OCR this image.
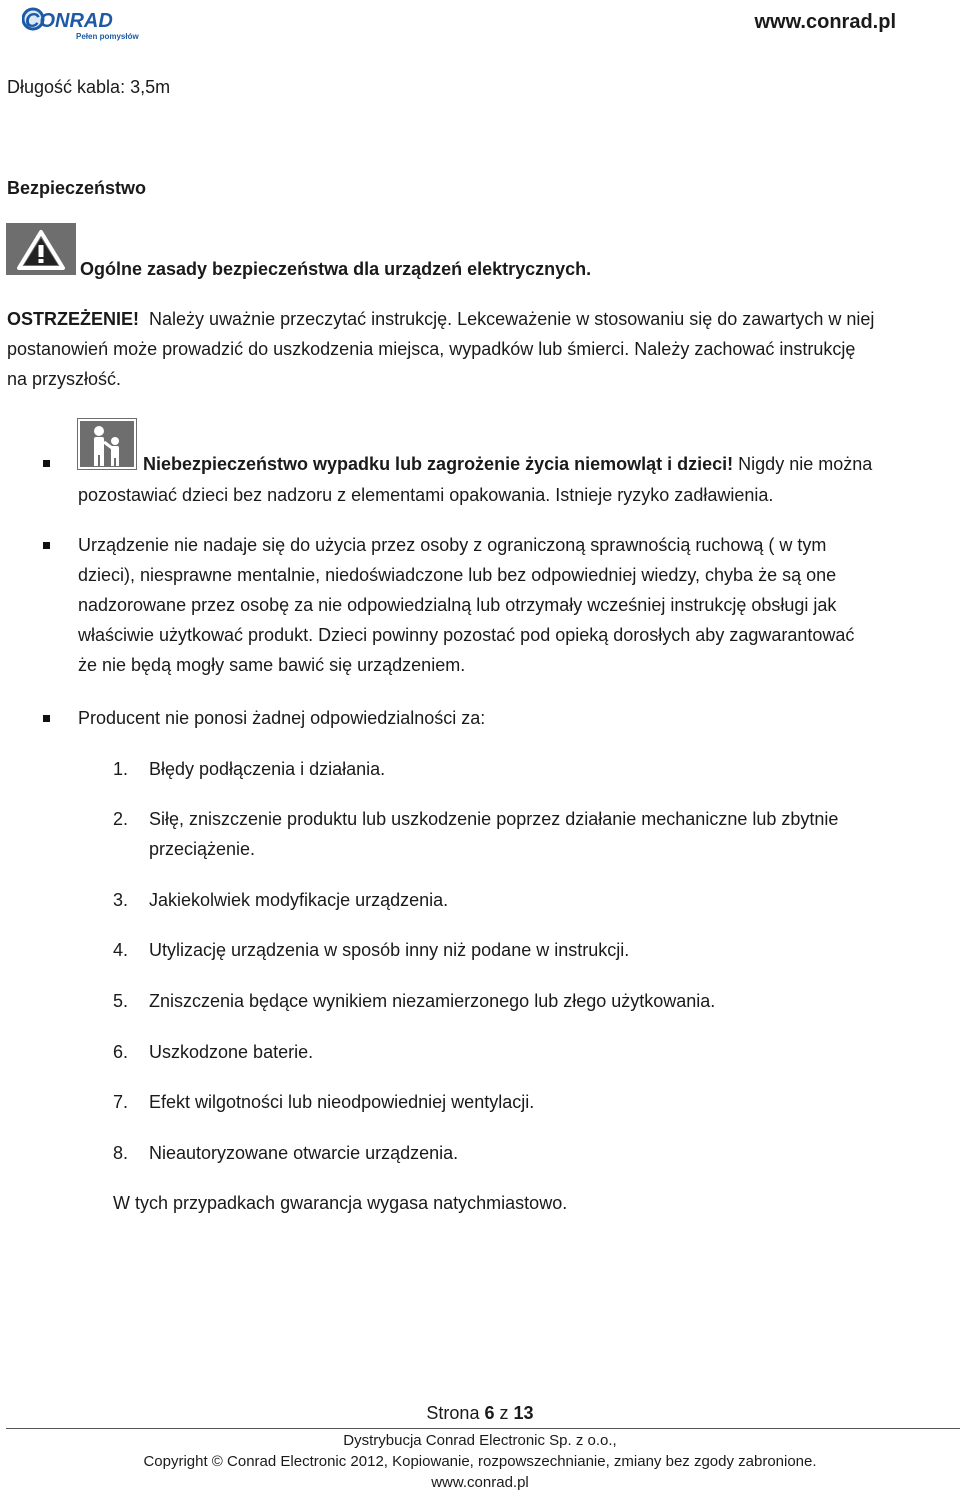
CONRAD
Pełen pomysłów
www.conrad.pl
Długość kabla: 3,5m
Bezpieczeństwo
Ogólne zasady bezpieczeństwa dla urządzeń elektrycznych.
OSTRZEŻENIE! Należy uważnie przeczytać instrukcję. Lekceważenie w stosowaniu się do zawartych w niej
postanowień może prowadzić do uszkodzenia miejsca, wypadków lub śmierci. Należy zachować instrukcję
na przyszłość.
Niebezpieczeństwo wypadku lub zagrożenie życia niemowląt i dzieci! Nigdy nie można
pozostawiać dzieci bez nadzoru z elementami opakowania. Istnieje ryzyko zadławienia.
Urządzenie nie nadaje się do użycia przez osoby z ograniczoną sprawnością ruchową ( w tym
dzieci), niesprawne mentalnie, niedoświadczone lub bez odpowiedniej wiedzy, chyba że są one
nadzorowane przez osobę za nie odpowiedzialną lub otrzymały wcześniej instrukcję obsługi jak
właściwie użytkować produkt. Dzieci powinny pozostać pod opieką dorosłych aby zagwarantować
że nie będą mogły same bawić się urządzeniem.
Producent nie ponosi żadnej odpowiedzialności za:
1. Błędy podłączenia i działania.
2. Siłę, zniszczenie produktu lub uszkodzenie poprzez działanie mechaniczne lub zbytnie
przeciążenie.
3. Jakiekolwiek modyfikacje urządzenia.
4. Utylizację urządzenia w sposób inny niż podane w instrukcji.
5. Zniszczenia będące wynikiem niezamierzonego lub złego użytkowania.
6. Uszkodzone baterie.
7. Efekt wilgotności lub nieodpowiedniej wentylacji.
8. Nieautoryzowane otwarcie urządzenia.
W tych przypadkach gwarancja wygasa natychmiastowo.
Strona 6 z 13
Dystrybucja Conrad Electronic Sp. z o.o.,
Copyright © Conrad Electronic 2012, Kopiowanie, rozpowszechnianie, zmiany bez zgody zabronione.
www.conrad.pl
